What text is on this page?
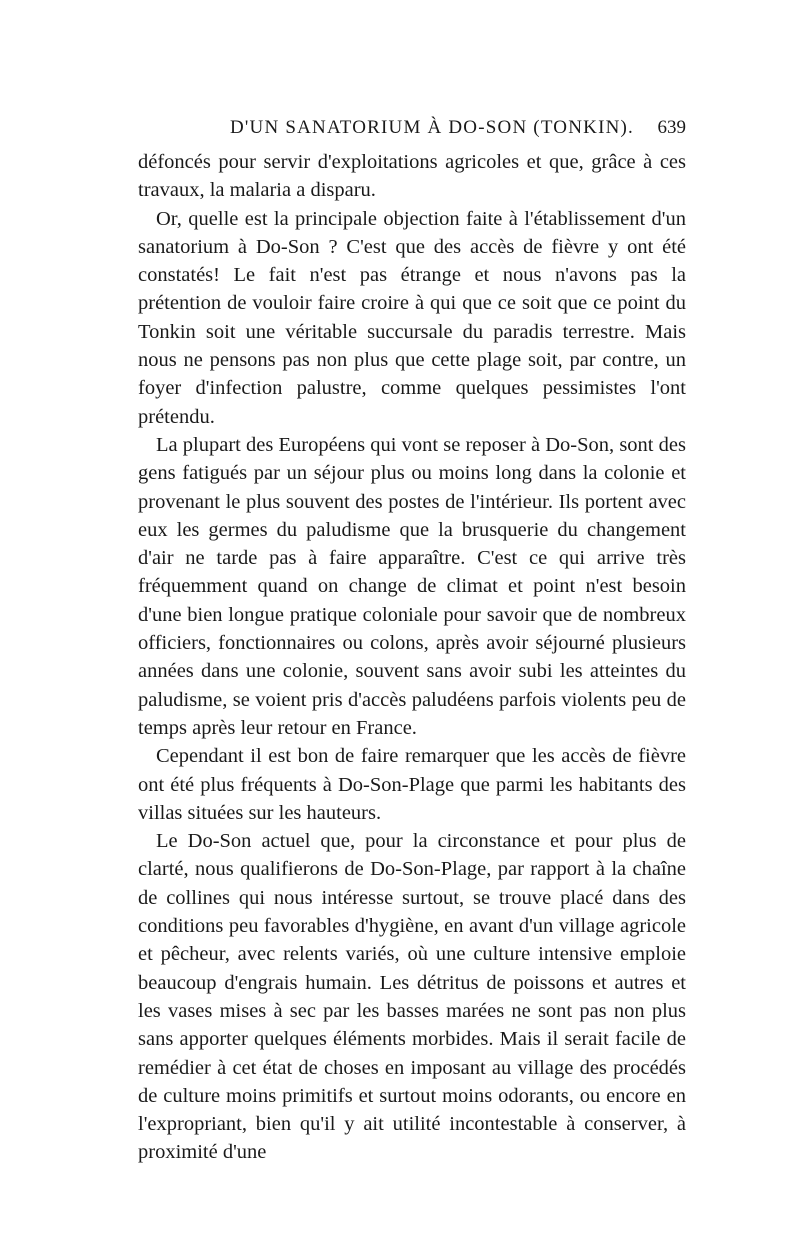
D'UN SANATORIUM À DO-SON (TONKIN). 639

défoncés pour servir d'exploitations agricoles et que, grâce à ces travaux, la malaria a disparu.

Or, quelle est la principale objection faite à l'établissement d'un sanatorium à Do-Son ? C'est que des accès de fièvre y ont été constatés! Le fait n'est pas étrange et nous n'avons pas la prétention de vouloir faire croire à qui que ce soit que ce point du Tonkin soit une véritable succursale du paradis terrestre. Mais nous ne pensons pas non plus que cette plage soit, par contre, un foyer d'infection palustre, comme quelques pessimistes l'ont prétendu.

La plupart des Européens qui vont se reposer à Do-Son, sont des gens fatigués par un séjour plus ou moins long dans la colonie et provenant le plus souvent des postes de l'intérieur. Ils portent avec eux les germes du paludisme que la brusquerie du changement d'air ne tarde pas à faire apparaître. C'est ce qui arrive très fréquemment quand on change de climat et point n'est besoin d'une bien longue pratique coloniale pour savoir que de nombreux officiers, fonctionnaires ou colons, après avoir séjourné plusieurs années dans une colonie, souvent sans avoir subi les atteintes du paludisme, se voient pris d'accès paludéens parfois violents peu de temps après leur retour en France.

Cependant il est bon de faire remarquer que les accès de fièvre ont été plus fréquents à Do-Son-Plage que parmi les habitants des villas situées sur les hauteurs.

Le Do-Son actuel que, pour la circonstance et pour plus de clarté, nous qualifierons de Do-Son-Plage, par rapport à la chaîne de collines qui nous intéresse surtout, se trouve placé dans des conditions peu favorables d'hygiène, en avant d'un village agricole et pêcheur, avec relents variés, où une culture intensive emploie beaucoup d'engrais humain. Les détritus de poissons et autres et les vases mises à sec par les basses marées ne sont pas non plus sans apporter quelques éléments morbides. Mais il serait facile de remédier à cet état de choses en imposant au village des procédés de culture moins primitifs et surtout moins odorants, ou encore en l'expropriant, bien qu'il y ait utilité incontestable à conserver, à proximité d'une
